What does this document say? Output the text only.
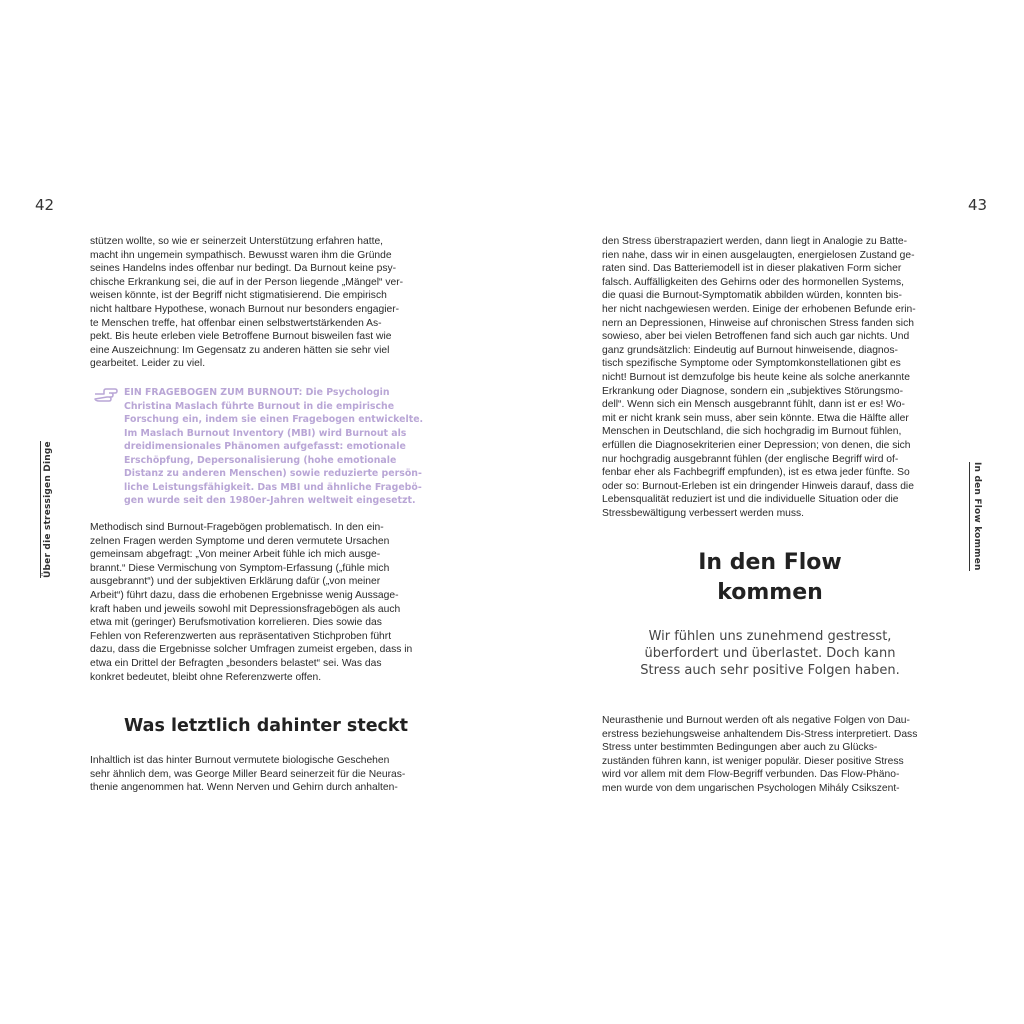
42
Über die stressigen Dinge
stützen wollte, so wie er seinerzeit Unterstützung erfahren hatte,
macht ihn ungemein sympathisch. Bewusst waren ihm die Gründe
seines Handelns indes offenbar nur bedingt. Da Burnout keine psy-
chische Erkrankung sei, die auf in der Person liegende „Mängel“ ver-
weisen könnte, ist der Begriff nicht stigmatisierend. Die empirisch
nicht haltbare Hypothese, wonach Burnout nur besonders engagier-
te Menschen treffe, hat offenbar einen selbstwertstärkenden As-
pekt. Bis heute erleben viele Betroffene Burnout bisweilen fast wie
eine Auszeichnung: Im Gegensatz zu anderen hätten sie sehr viel
gearbeitet. Leider zu viel.
EIN FRAGEBOGEN ZUM BURNOUT: Die Psychologin
Christina Maslach führte Burnout in die empirische
Forschung ein, indem sie einen Fragebogen entwickelte.
Im Maslach Burnout Inventory (MBI) wird Burnout als
dreidimensionales Phänomen aufgefasst: emotionale
Erschöpfung, Depersonalisierung (hohe emotionale
Distanz zu anderen Menschen) sowie reduzierte persön-
liche Leistungsfähigkeit. Das MBI und ähnliche Fragebö-
gen wurde seit den 1980er-Jahren weltweit eingesetzt.
Methodisch sind Burnout-Fragebögen problematisch. In den ein-
zelnen Fragen werden Symptome und deren vermutete Ursachen
gemeinsam abgefragt: „Von meiner Arbeit fühle ich mich ausge-
brannt.“ Diese Vermischung von Symptom-Erfassung („fühle mich
ausgebrannt“) und der subjektiven Erklärung dafür („von meiner
Arbeit“) führt dazu, dass die erhobenen Ergebnisse wenig Aussage-
kraft haben und jeweils sowohl mit Depressionsfragebögen als auch
etwa mit (geringer) Berufsmotivation korrelieren. Dies sowie das
Fehlen von Referenzwerten aus repräsentativen Stichproben führt
dazu, dass die Ergebnisse solcher Umfragen zumeist ergeben, dass in
etwa ein Drittel der Befragten „besonders belastet“ sei. Was das
konkret bedeutet, bleibt ohne Referenzwerte offen.
Was letztlich dahinter steckt
Inhaltlich ist das hinter Burnout vermutete biologische Geschehen
sehr ähnlich dem, was George Miller Beard seinerzeit für die Neuras-
thenie angenommen hat. Wenn Nerven und Gehirn durch anhalten-
43
In den Flow kommen
den Stress überstrapaziert werden, dann liegt in Analogie zu Batte-
rien nahe, dass wir in einen ausgelaugten, energielosen Zustand ge-
raten sind. Das Batteriemodell ist in dieser plakativen Form sicher
falsch. Auffälligkeiten des Gehirns oder des hormonellen Systems,
die quasi die Burnout-Symptomatik abbilden würden, konnten bis-
her nicht nachgewiesen werden. Einige der erhobenen Befunde erin-
nern an Depressionen, Hinweise auf chronischen Stress fanden sich
sowieso, aber bei vielen Betroffenen fand sich auch gar nichts. Und
ganz grundsätzlich: Eindeutig auf Burnout hinweisende, diagnos-
tisch spezifische Symptome oder Symptomkonstellationen gibt es
nicht! Burnout ist demzufolge bis heute keine als solche anerkannte
Erkrankung oder Diagnose, sondern ein „subjektives Störungsmo-
dell“. Wenn sich ein Mensch ausgebrannt fühlt, dann ist er es! Wo-
mit er nicht krank sein muss, aber sein könnte. Etwa die Hälfte aller
Menschen in Deutschland, die sich hochgradig im Burnout fühlen,
erfüllen die Diagnosekriterien einer Depression; von denen, die sich
nur hochgradig ausgebrannt fühlen (der englische Begriff wird of-
fenbar eher als Fachbegriff empfunden), ist es etwa jeder fünfte. So
oder so: Burnout-Erleben ist ein dringender Hinweis darauf, dass die
Lebensqualität reduziert ist und die individuelle Situation oder die
Stressbewältigung verbessert werden muss.
In den Flow
kommen
Wir fühlen uns zunehmend gestresst,
überfordert und überlastet. Doch kann
Stress auch sehr positive Folgen haben.
Neurasthenie und Burnout werden oft als negative Folgen von Dau-
erstress beziehungsweise anhaltendem Dis-Stress interpretiert. Dass
Stress unter bestimmten Bedingungen aber auch zu Glücks-
zuständen führen kann, ist weniger populär. Dieser positive Stress
wird vor allem mit dem Flow-Begriff verbunden. Das Flow-Phäno-
men wurde von dem ungarischen Psychologen Mihály Csikszent-
